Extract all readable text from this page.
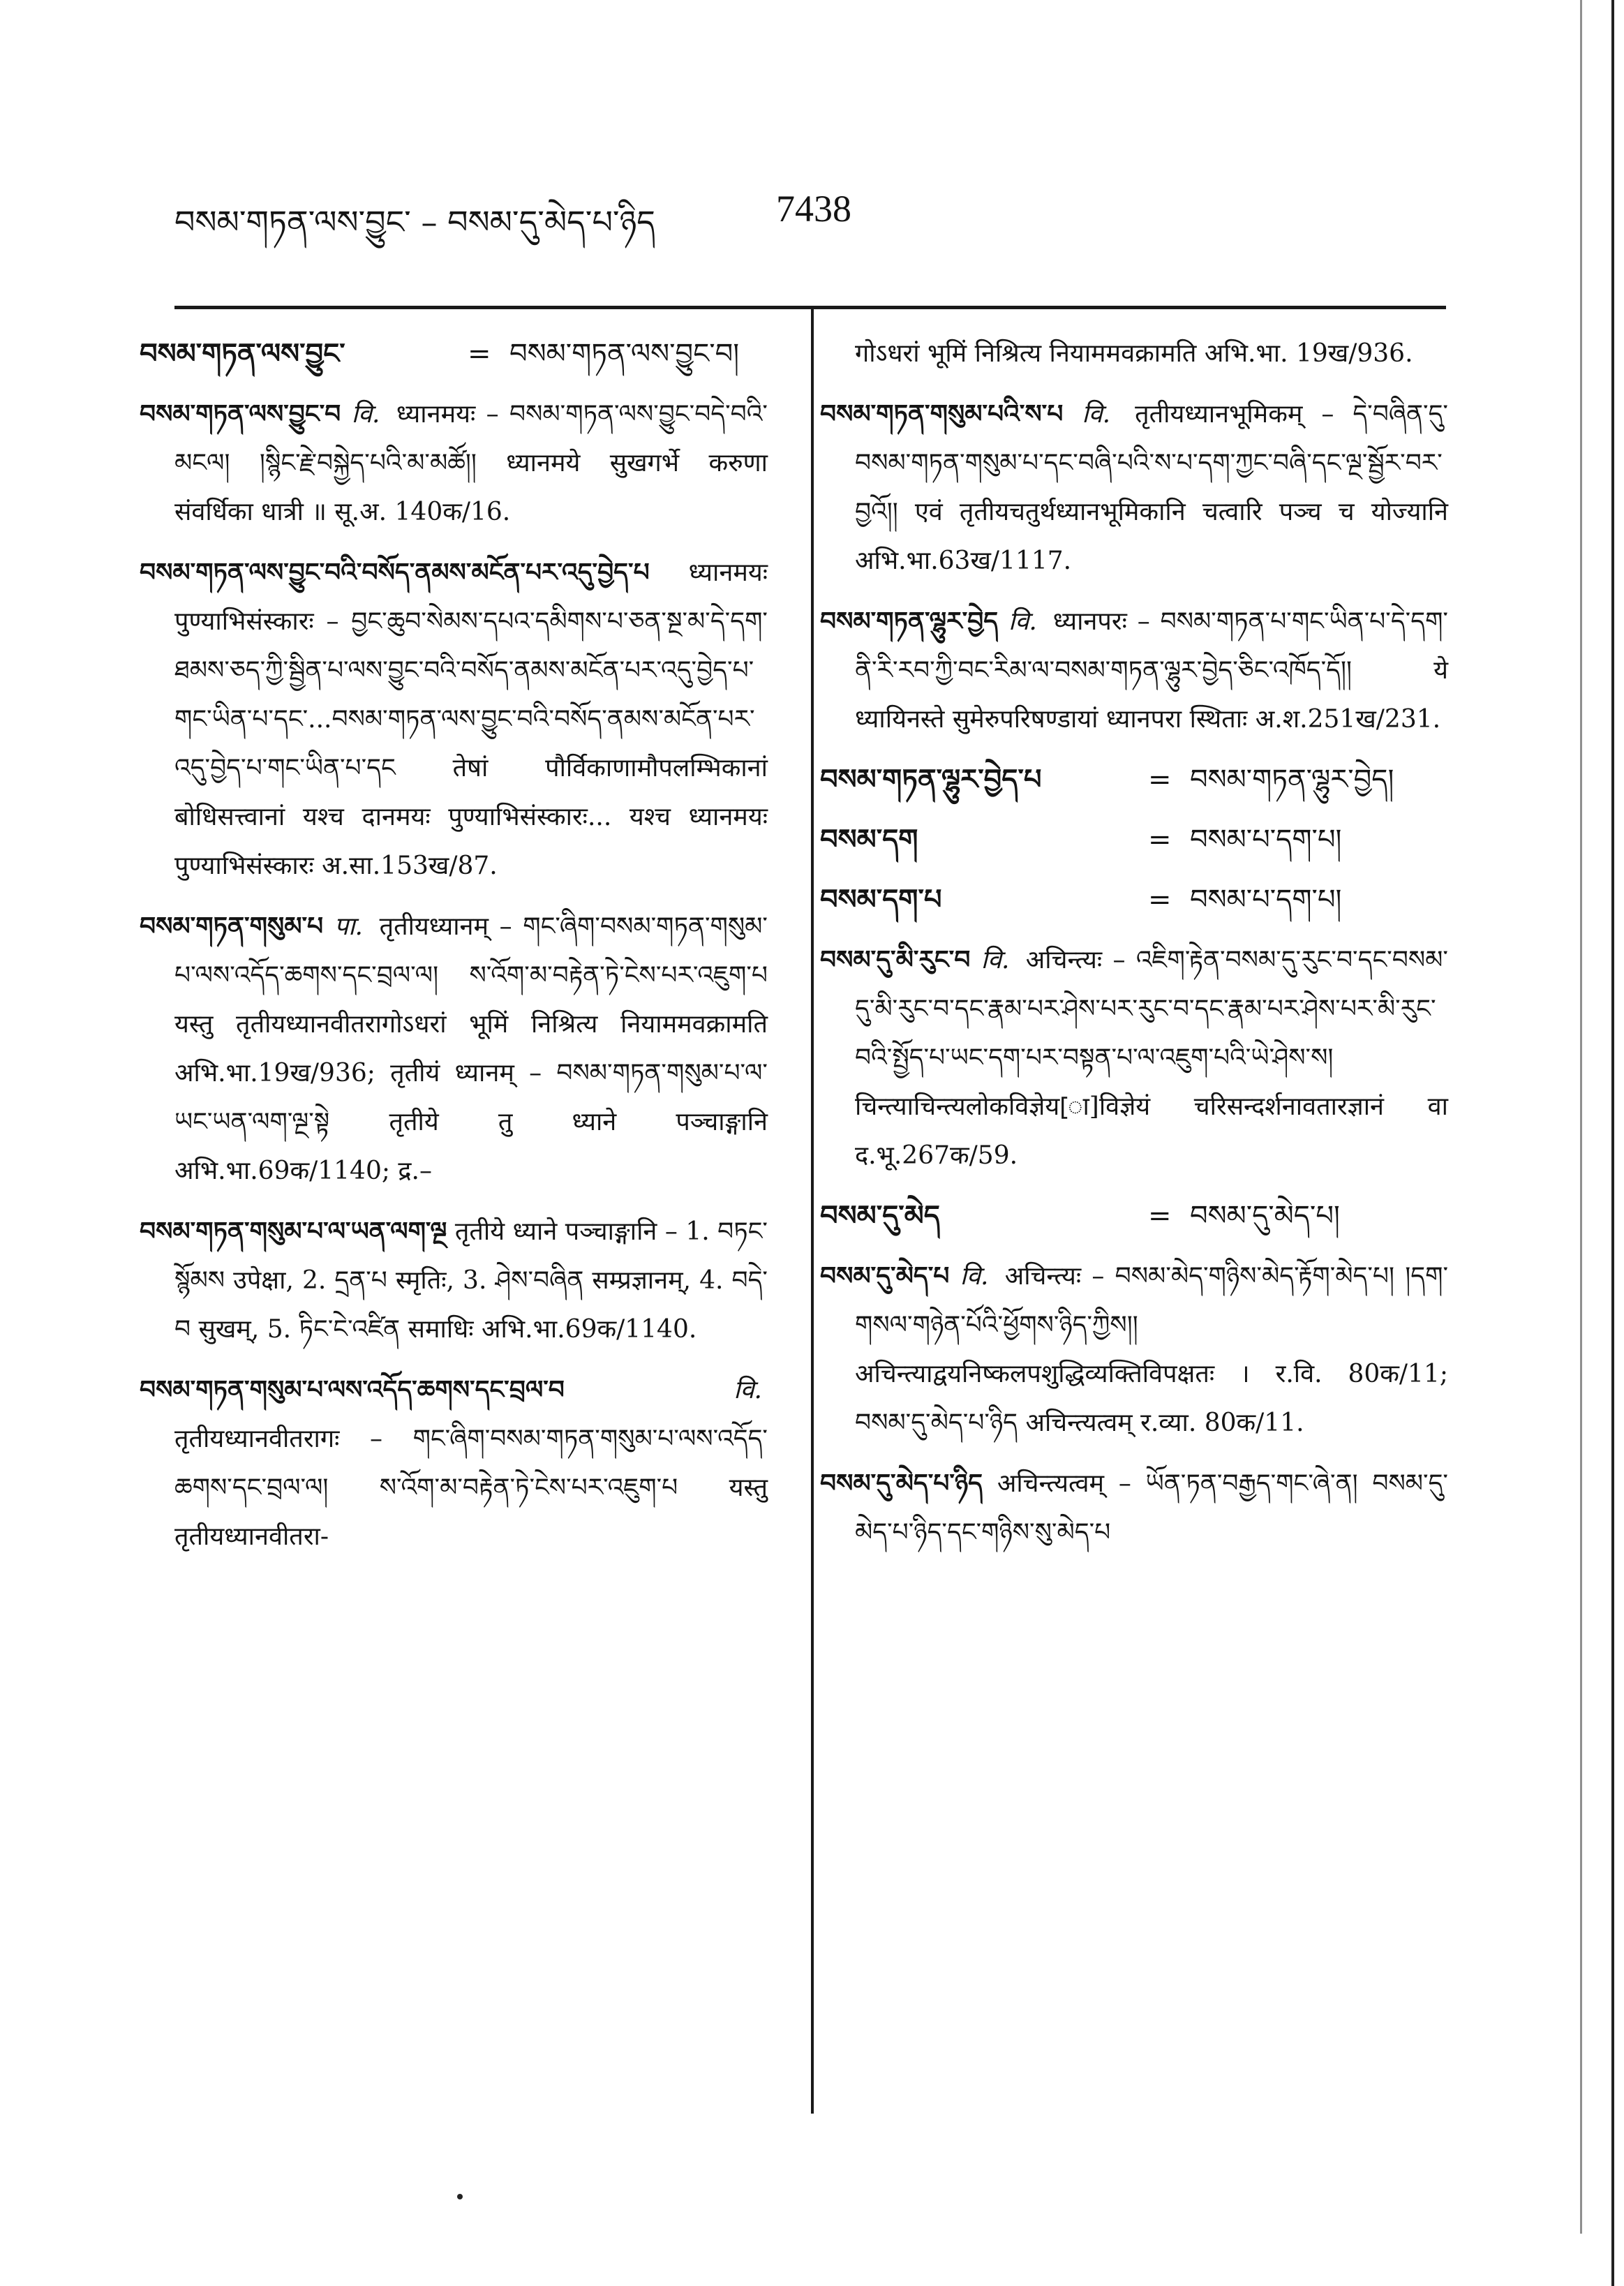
བསམ་གཏན་ལས་བྱུང་ – བསམ་དུ་མེད་པ་ཉིད	7438
བསམ་གཏན་ལས་བྱུང་	= བསམ་གཏན་ལས་བྱུང་བ།

བསམ་གཏན་ལས་བྱུང་བ वि. ध्यानमयः – བསམ་གཏན་ལས་བྱུང་བདེ་བའི་མངལ། །སྙིང་རྗེ་བསྐྱེད་པའི་མ་མཚོ།། ध्यानमये सुखगर्भे करुणा संवर्धिका धात्री ॥ सू.अ. 140क/16.

བསམ་གཏན་ལས་བྱུང་བའི་བསོད་ནམས་མངོན་པར་འདུ་བྱེད་པ ध्यानमयः पुण्याभिसंस्कारः – བྱང་ཆུབ་སེམས་དཔའ་དམིགས་པ་ཅན་སྔ་མ་དེ་དག་ཐམས་ཅད་ཀྱི་སྦྱིན་པ་ལས་བྱུང་བའི་བསོད་ནམས་མངོན་པར་འདུ་བྱེད་པ་གང་ཡིན་པ་དང་...བསམ་གཏན་ལས་བྱུང་བའི་བསོད་ནམས་མངོན་པར་འདུ་བྱེད་པ་གང་ཡིན་པ་དང तेषां पौर्विकाणामौपलम्भिकानां बोधिसत्त्वानां यश्च दानमयः पुण्याभिसंस्कारः... यश्च ध्यानमयः पुण्याभिसंस्कारः अ.सा.153ख/87.

བསམ་གཏན་གསུམ་པ पा. तृतीयध्यानम् – གང་ཞིག་བསམ་གཏན་གསུམ་པ་ལས་འདོད་ཆགས་དང་བྲལ་ལ། ས་འོག་མ་བརྟེན་ཏེ་ངེས་པར་འཇུག་པ यस्तु तृतीयध्यानवीतरागोऽधरां भूमिं निश्रित्य नियाममवक्रामति अभि.भा.19ख/936; तृतीयं ध्यानम् – བསམ་གཏན་གསུམ་པ་ལ་ཡང་ཡན་ལག་ལྔ་སྟེ तृतीये तु ध्याने पञ्चाङ्गानि अभि.भा.69क/1140; द्र.–

བསམ་གཏན་གསུམ་པ་ལ་ཡན་ལག་ལྔ तृतीये ध्याने पञ्चाङ्गानि – 1. བཏང་སྙོམས उपेक्षा, 2. དྲན་པ स्मृतिः, 3. ཤེས་བཞིན सम्प्रज्ञानम्, 4. བདེ་བ सुखम्, 5. ཏིང་ངེ་འཛིན समाधिः अभि.भा.69क/1140.

བསམ་གཏན་གསུམ་པ་ལས་འདོད་ཆགས་དང་བྲལ་བ	वि. तृतीयध्यानवीतरागः – གང་ཞིག་བསམ་གཏན་གསུམ་པ་ལས་འདོད་ཆགས་དང་བྲལ་ལ། ས་འོག་མ་བརྟེན་ཏེ་ངེས་པར་འཇུག་པ यस्तु तृतीयध्यानवीतरा-

गोऽधरां भूमिं निश्रित्य नियाममवक्रामति अभि.भा. 19ख/936.

བསམ་གཏན་གསུམ་པའི་ས་པ वि. तृतीयध्यानभूमिकम् – དེ་བཞིན་དུ་བསམ་གཏན་གསུམ་པ་དང་བཞི་པའི་ས་པ་དག་ཀྱང་བཞི་དང་ལྔ་སྦྱོར་བར་བྱའོ།། एवं तृतीयचतुर्थध्यानभूमिकानि चत्वारि पञ्च च योज्यानि अभि.भा.63ख/1117.

བསམ་གཏན་ལྷུར་བྱེད वि. ध्यानपरः – བསམ་གཏན་པ་གང་ཡིན་པ་དེ་དག་ནི་རི་རབ་ཀྱི་བང་རིམ་ལ་བསམ་གཏན་ལྷུར་བྱེད་ཅིང་འཁོད་དོ།། ये ध्यायिनस्ते सुमेरुपरिषण्डायां ध्यानपरा स्थिताः अ.श.251ख/231.

བསམ་གཏན་ལྷུར་བྱེད་པ	= བསམ་གཏན་ལྷུར་བྱེད།
བསམ་དག	= བསམ་པ་དག་པ།
བསམ་དག་པ	= བསམ་པ་དག་པ།

བསམ་དུ་མི་རུང་བ वि. अचिन्त्यः – འཇིག་རྟེན་བསམ་དུ་རུང་བ་དང་བསམ་དུ་མི་རུང་བ་དང་རྣམ་པར་ཤེས་པར་རུང་བ་དང་རྣམ་པར་ཤེས་པར་མི་རུང་བའི་སྤྱོད་པ་ཡང་དག་པར་བསྟན་པ་ལ་འཇུག་པའི་ཡེ་ཤེས་ས། चिन्त्याचिन्त्यलोकविज्ञेय[ा]विज्ञेयं चरिसन्दर्शनावतारज्ञानं वा द.भू.267क/59.

བསམ་དུ་མེད	= བསམ་དུ་མེད་པ།

བསམ་དུ་མེད་པ वि. अचिन्त्यः – བསམ་མེད་གཉིས་མེད་རྟོག་མེད་པ། །དག་གསལ་གཉེན་པོའི་ཕྱོགས་ཉིད་ཀྱིས།། अचिन्त्याद्वयनिष्कलपशुद्धिव्यक्तिविपक्षतः । र.वि. 80क/11; བསམ་དུ་མེད་པ་ཉིད अचिन्त्यत्वम् र.व्या. 80क/11.

བསམ་དུ་མེད་པ་ཉིད अचिन्त्यत्वम् – ཡོན་ཏན་བརྒྱད་གང་ཞེ་ན། བསམ་དུ་མེད་པ་ཉིད་དང་གཉིས་སུ་མེད་པ
